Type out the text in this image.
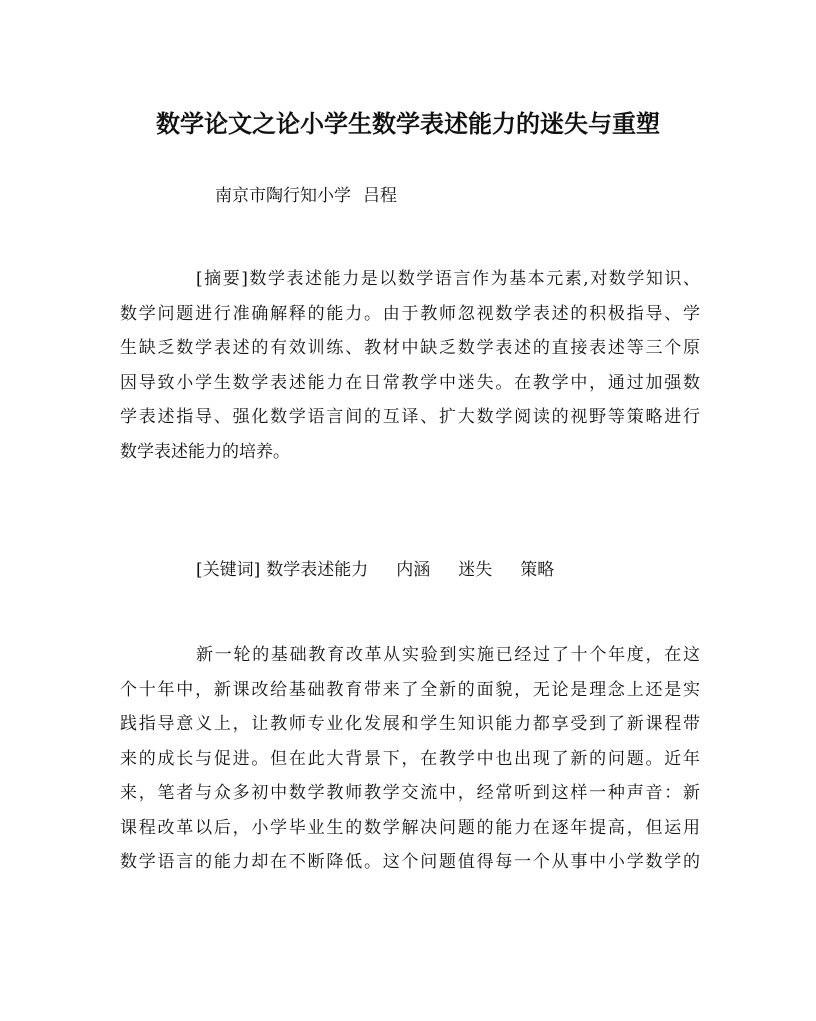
数学论文之论小学生数学表述能力的迷失与重塑

南京市陶行知小学 吕程

[摘要]数学表述能力是以数学语言作为基本元素,对数学知识、
数学问题进行准确解释的能力。由于教师忽视数学表述的积极指导、学
生缺乏数学表述的有效训练、教材中缺乏数学表述的直接表述等三个原
因导致小学生数学表述能力在日常教学中迷失。在教学中，通过加强数
学表述指导、强化数学语言间的互译、扩大数学阅读的视野等策略进行
数学表述能力的培养。

[关键词] 数学表述能力 内涵 迷失 策略

新一轮的基础教育改革从实验到实施已经过了十个年度，在这
个十年中，新课改给基础教育带来了全新的面貌，无论是理念上还是实
践指导意义上，让教师专业化发展和学生知识能力都享受到了新课程带
来的成长与促进。但在此大背景下，在教学中也出现了新的问题。近年
来，笔者与众多初中数学教师教学交流中，经常听到这样一种声音：新
课程改革以后，小学毕业生的数学解决问题的能力在逐年提高，但运用
数学语言的能力却在不断降低。这个问题值得每一个从事中小学数学的
